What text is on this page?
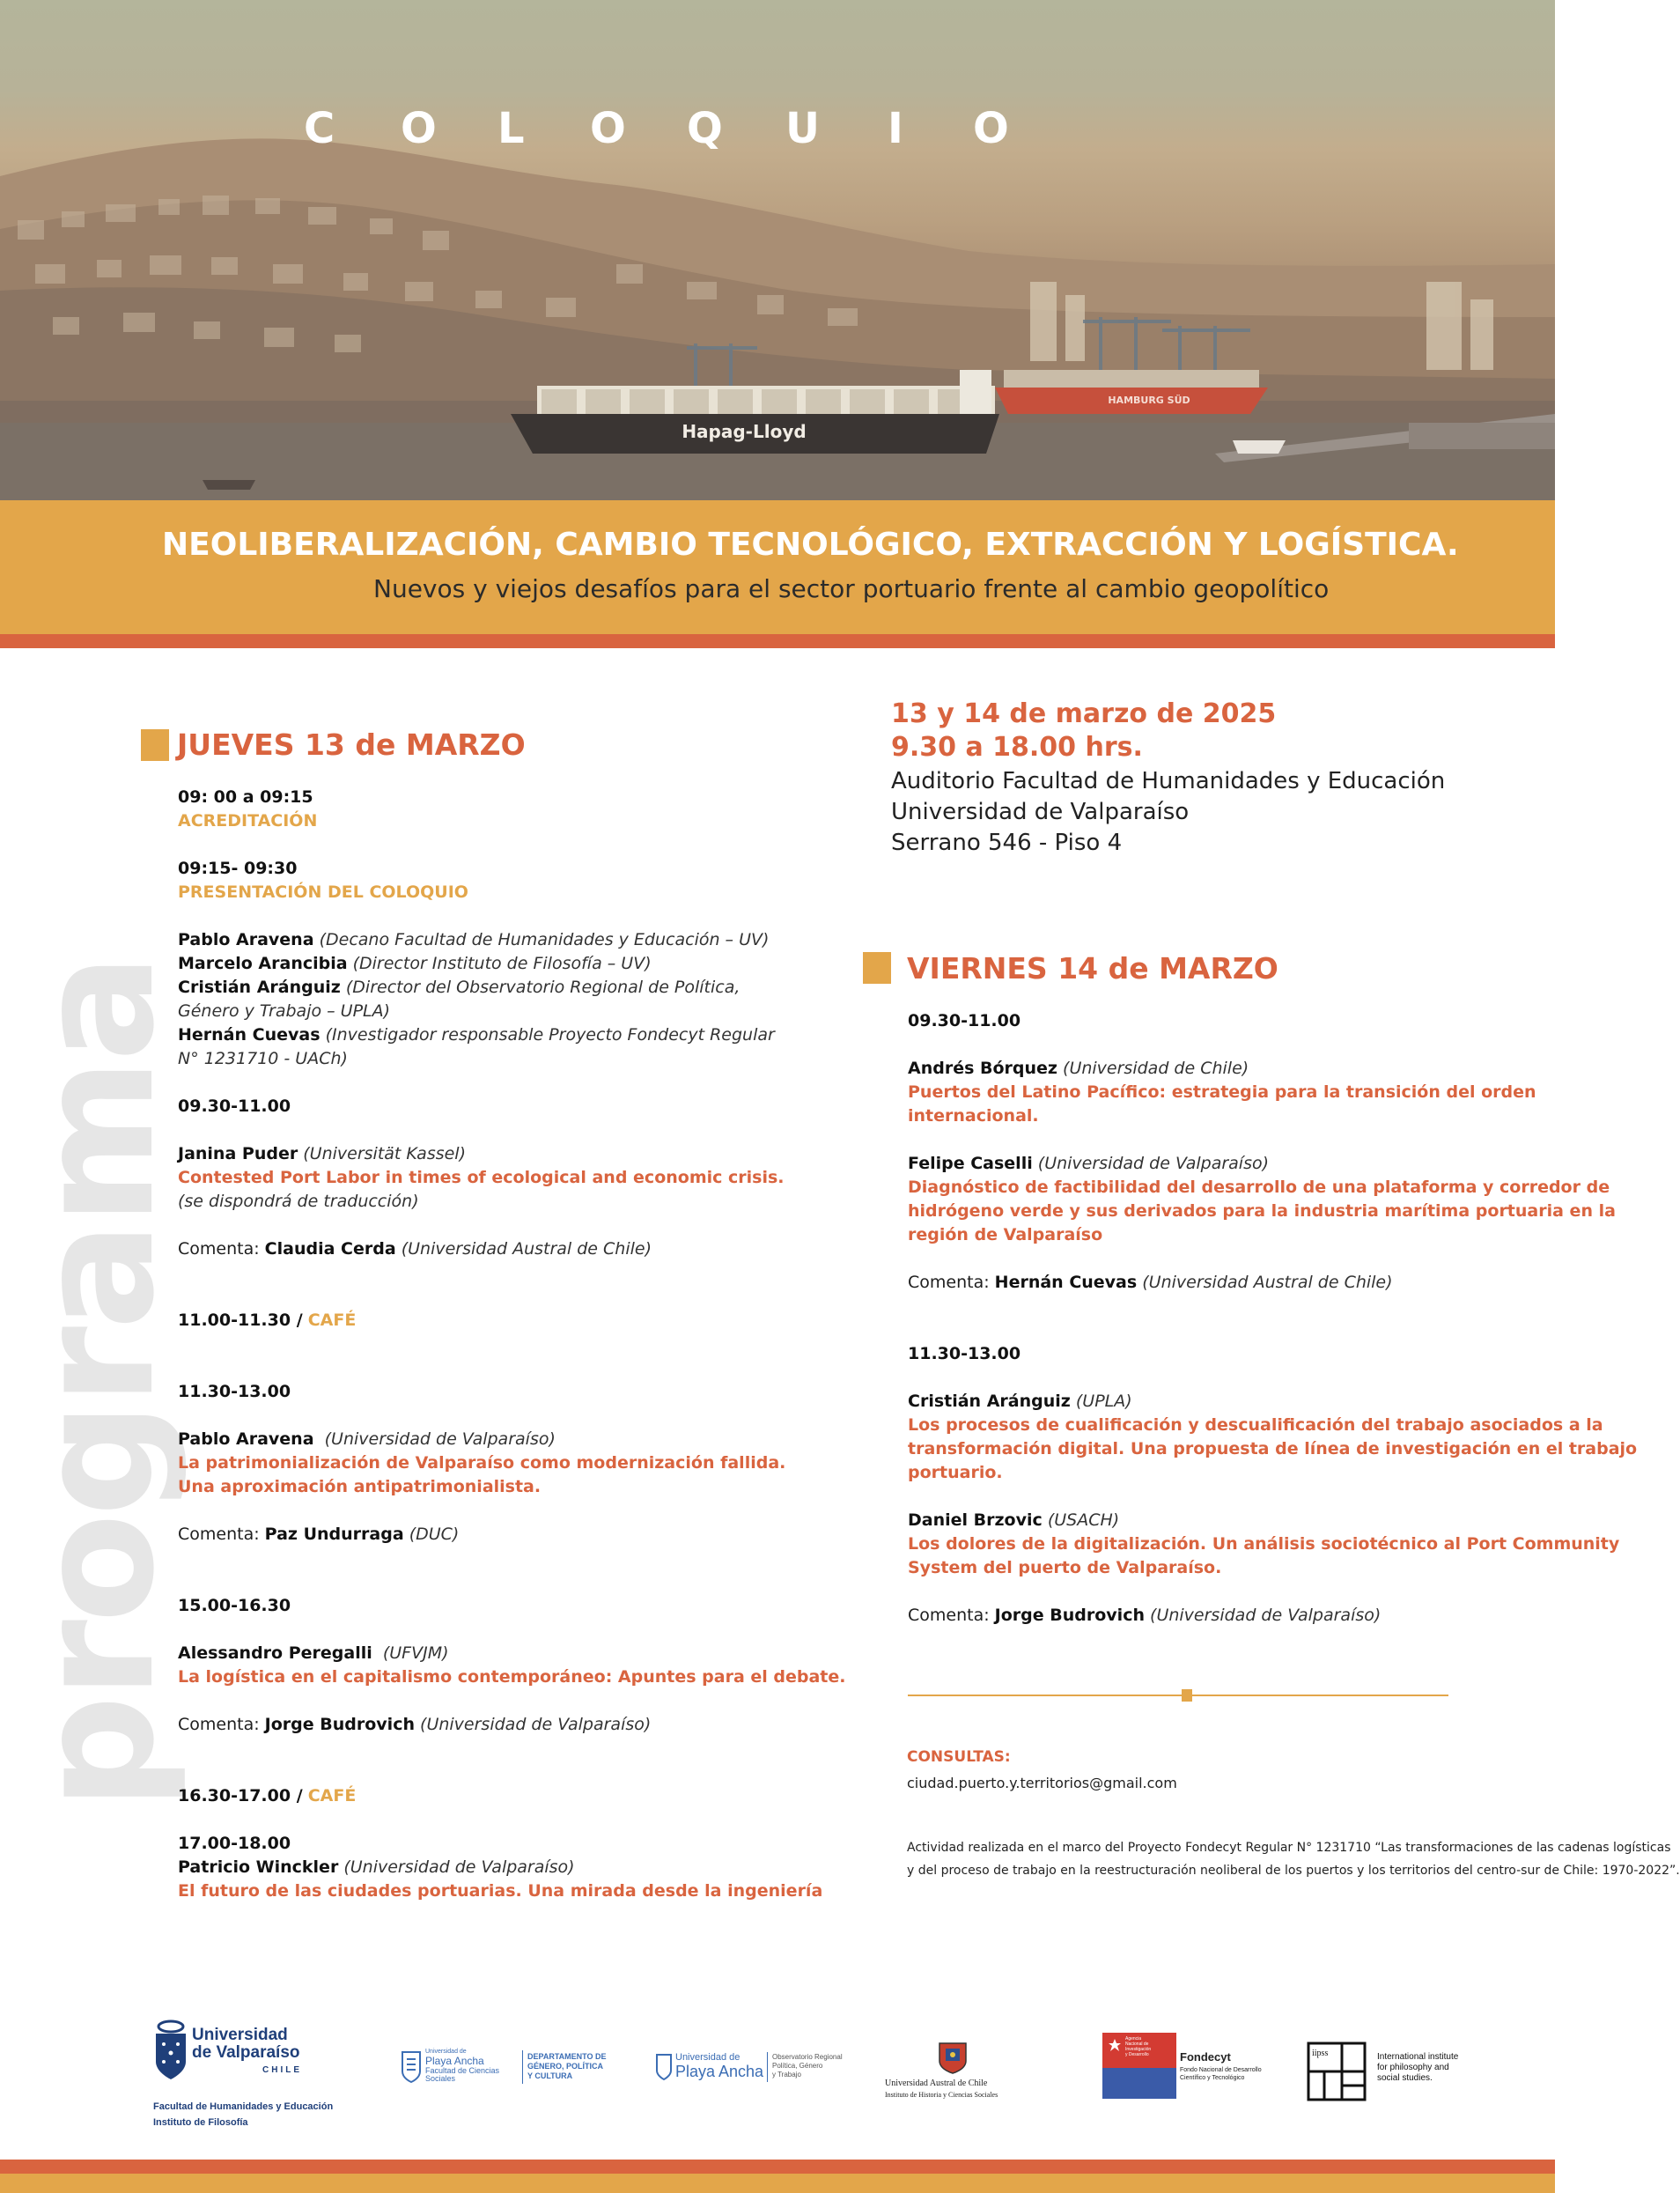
Hapag-Lloyd
HAMBURG SÜD
C O L O Q U I O
NEOLIBERALIZACIÓN, CAMBIO TECNOLÓGICO, EXTRACCIÓN Y LOGÍSTICA.
Nuevos y viejos desafíos para el sector portuario frente al cambio geopolítico
programa
JUEVES 13 de MARZO

09: 00 a 09:15

ACREDITACIÓN

09:15- 09:30

PRESENTACIÓN DEL COLOQUIO

Pablo Aravena (Decano Facultad de Humanidades y Educación – UV)

Marcelo Arancibia (Director Instituto de Filosofía – UV)

Cristián Aránguiz (Director del Observatorio Regional de Política,

Género y Trabajo – UPLA)

Hernán Cuevas (Investigador responsable Proyecto Fondecyt Regular

N° 1231710 - UACh)

09.30-11.00

Janina Puder (Universität Kassel)

Contested Port Labor in times of ecological and economic crisis.

(se dispondrá de traducción)

Comenta: Claudia Cerda (Universidad Austral de Chile)

11.00-11.30 / CAFÉ

11.30-13.00

Pablo Aravena (Universidad de Valparaíso)

La patrimonialización de Valparaíso como modernización fallida.

Una aproximación antipatrimonialista.

Comenta: Paz Undurraga (DUC)

15.00-16.30

Alessandro Peregalli (UFVJM)

La logística en el capitalismo contemporáneo: Apuntes para el debate.

Comenta: Jorge Budrovich (Universidad de Valparaíso)

16.30-17.00 / CAFÉ

17.00-18.00

Patricio Winckler (Universidad de Valparaíso)

El futuro de las ciudades portuarias. Una mirada desde la ingeniería

13 y 14 de marzo de 2025

9.30 a 18.00 hrs.

Auditorio Facultad de Humanidades y Educación

Universidad de Valparaíso

Serrano 546 - Piso 4

VIERNES 14 de MARZO

09.30-11.00

Andrés Bórquez (Universidad de Chile)

Puertos del Latino Pacífico: estrategia para la transición del orden

internacional.

Felipe Caselli (Universidad de Valparaíso)

Diagnóstico de factibilidad del desarrollo de una plataforma y corredor de

hidrógeno verde y sus derivados para la industria marítima portuaria en la

región de Valparaíso

Comenta: Hernán Cuevas (Universidad Austral de Chile)

11.30-13.00

Cristián Aránguiz (UPLA)

Los procesos de cualificación y descualificación del trabajo asociados a la

transformación digital. Una propuesta de línea de investigación en el trabajo

portuario.

Daniel Brzovic (USACH)

Los dolores de la digitalización. Un análisis sociotécnico al Port Community

System del puerto de Valparaíso.

Comenta: Jorge Budrovich (Universidad de Valparaíso)

CONSULTAS:
ciudad.puerto.y.territorios@gmail.com

Actividad realizada en el marco del Proyecto Fondecyt Regular N° 1231710 “Las transformaciones de las cadenas logísticas

y del proceso de trabajo en la reestructuración neoliberal de los puertos y los territorios del centro-sur de Chile: 1970-2022”.

Universidad

de Valparaíso

CHILE

Facultad de Humanidades y Educación

Instituto de Filosofía

Universidad de
Playa Ancha

Facultad de Ciencias

Sociales

DEPARTAMENTO DE

GÉNERO, POLÍTICA

Y CULTURA

Universidad de
Playa Ancha

Observatorio Regional

Política, Género

y Trabajo

Universidad Austral de Chile
Instituto de Historia y Ciencias Sociales

Agencia

Nacional de

Investigación

y Desarrollo	Fondecyt

Fondo Nacional de Desarrollo

Científico y Tecnológico

iipss	International institute

for philosophy and

social studies.
